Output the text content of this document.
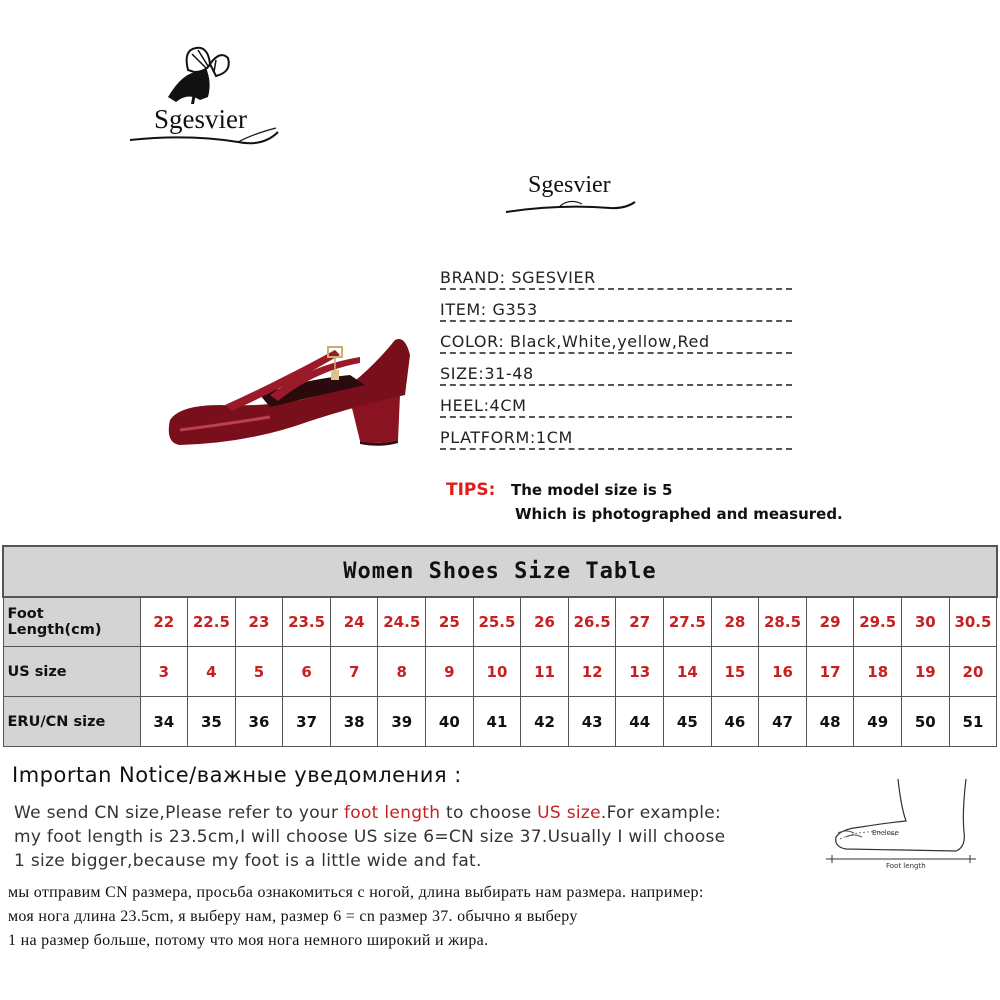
Sgesvier
Sgesvier
BRAND: SGESVIER
ITEM: G353
COLOR: Black,White,yellow,Red
SIZE:31-48
HEEL:4CM
PLATFORM:1CM
TIPS: The model size is 5
Which is photographed and measured.
Women Shoes Size Table																		
Foot Length(cm)	22	22.5	23	23.5	24	24.5	25	25.5	26	26.5	27	27.5	28	28.5	29	29.5	30	30.5
US size	3	4	5	6	7	8	9	10	11	12	13	14	15	16	17	18	19	20
ERU/CN size	34	35	36	37	38	39	40	41	42	43	44	45	46	47	48	49	50	51
Importan Notice/важные уведомления :
We send CN size,Please refer to your foot length to choose US size.For example:
my foot length is 23.5cm,I will choose US size 6=CN size 37.Usually I will choose
1 size bigger,because my foot is a little wide and fat.
мы отправим CN размера, просьба ознакомиться с ногой, длина выбирать нам размера. например:
моя нога длина 23.5cm, я выберу нам, размер 6 = cn размер 37. обычно я выберу
1 на размер больше, потому что моя нога немного широкий и жира.
Enclose
Foot length
